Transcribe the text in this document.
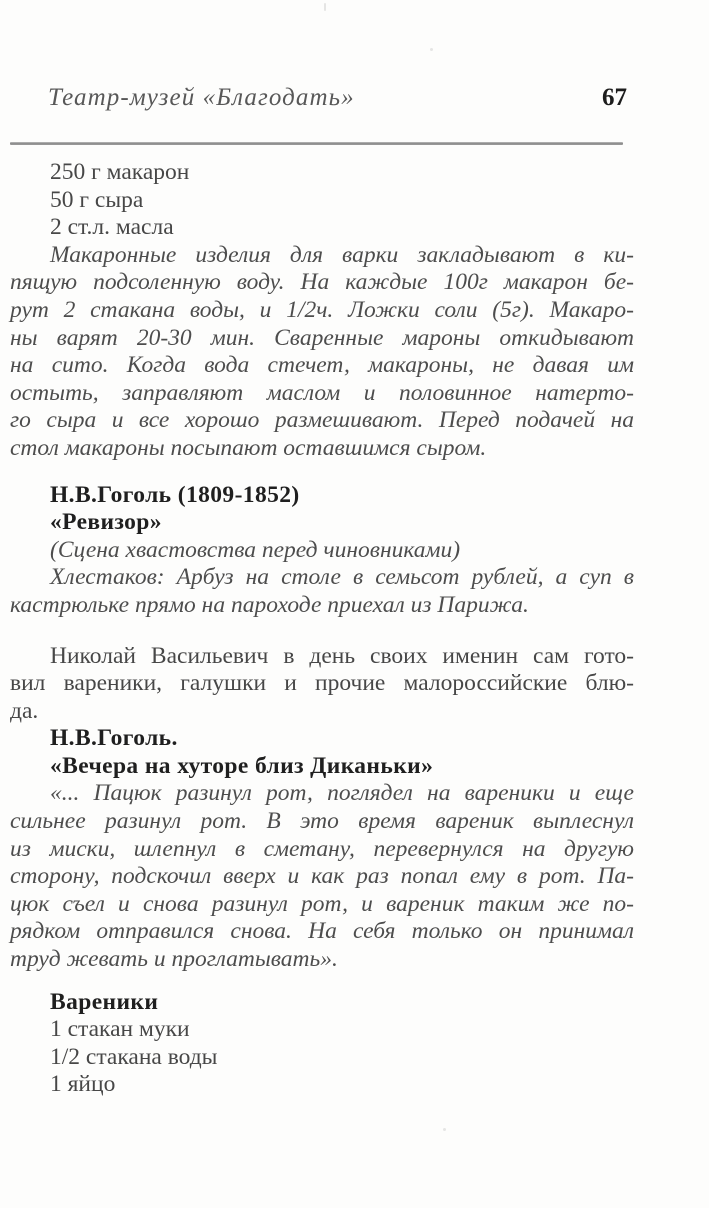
Театр-музей «Благодать»	67
250 г макарон
50 г сыра
2 ст.л. масла
Макаронные изделия для варки закладывают в ки-
пящую подсоленную воду. На каждые 100г макарон бе-
рут 2 стакана воды, и 1/2ч. Ложки соли (5г). Макаро-
ны варят 20-30 мин. Сваренные мароны откидывают
на сито. Когда вода стечет, макароны, не давая им
остыть, заправляют маслом и половинное натерто-
го сыра и все хорошо размешивают. Перед подачей на
стол макароны посыпают оставшимся сыром.
Н.В.Гоголь (1809-1852)
«Ревизор»
(Сцена хвастовства перед чиновниками)
Хлестаков: Арбуз на столе в семьсот рублей, а суп в
кастрюльке прямо на пароходе приехал из Парижа.
Николай Васильевич в день своих именин сам гото-
вил вареники, галушки и прочие малороссийские блю-
да.
Н.В.Гоголь.
«Вечера на хуторе близ Диканьки»
«... Пацюк разинул рот, поглядел на вареники и еще
сильнее разинул рот. В это время вареник выплеснул
из миски, шлепнул в сметану, перевернулся на другую
сторону, подскочил вверх и как раз попал ему в рот. Па-
цюк съел и снова разинул рот, и вареник таким же по-
рядком отправился снова. На себя только он принимал
труд жевать и проглатывать».
Вареники
1 стакан муки
1/2 стакана воды
1 яйцо
